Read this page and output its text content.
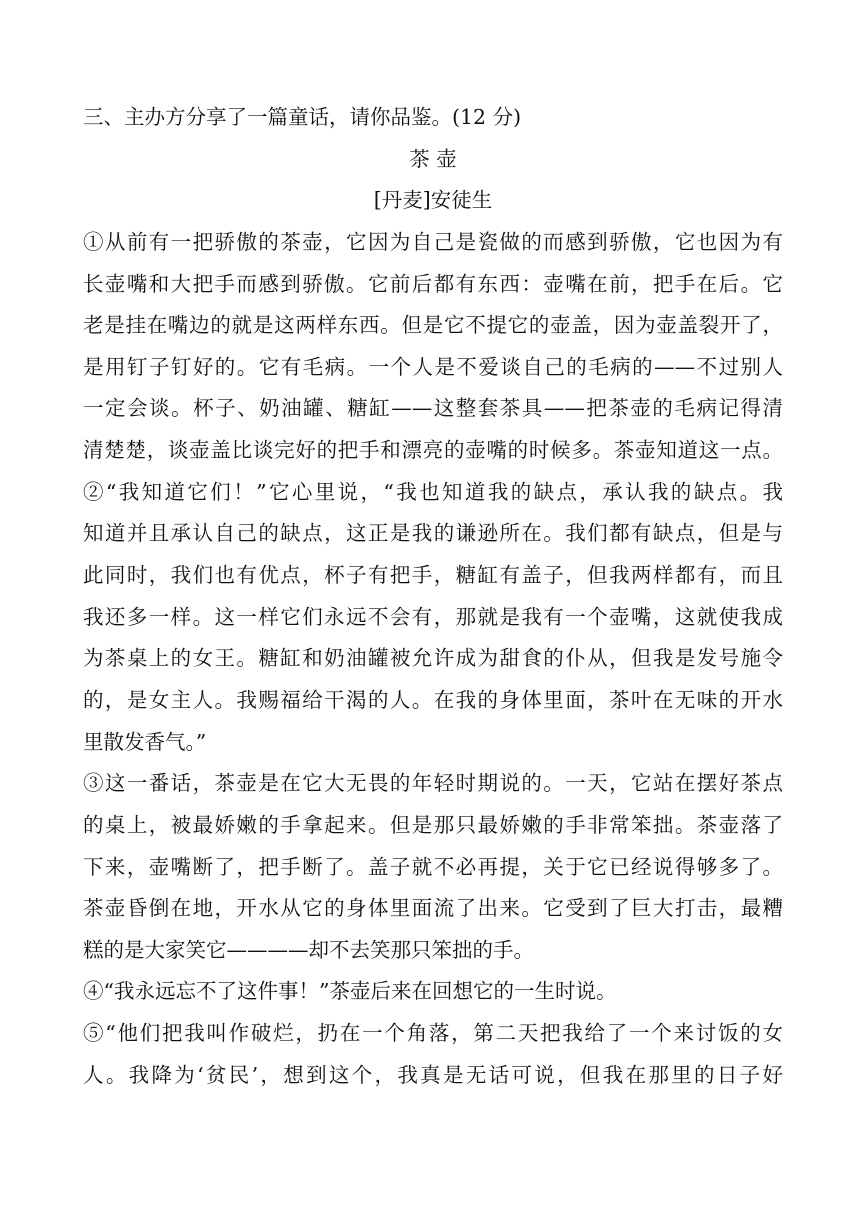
三、主办方分享了一篇童话，请你品鉴。(12 分)
茶 壶
[丹麦]安徒生
①从前有一把骄傲的茶壶，它因为自己是瓷做的而感到骄傲，它也因为有
长壶嘴和大把手而感到骄傲。它前后都有东西：壶嘴在前，把手在后。它
老是挂在嘴边的就是这两样东西。但是它不提它的壶盖，因为壶盖裂开了，
是用钉子钉好的。它有毛病。一个人是不爱谈自己的毛病的——不过别人
一定会谈。杯子、奶油罐、糖缸——这整套茶具——把茶壶的毛病记得清
清楚楚，谈壶盖比谈完好的把手和漂亮的壶嘴的时候多。茶壶知道这一点。
②“我知道它们！”它心里说，“我也知道我的缺点，承认我的缺点。我
知道并且承认自己的缺点，这正是我的谦逊所在。我们都有缺点，但是与
此同时，我们也有优点，杯子有把手，糖缸有盖子，但我两样都有，而且
我还多一样。这一样它们永远不会有，那就是我有一个壶嘴，这就使我成
为茶桌上的女王。糖缸和奶油罐被允许成为甜食的仆从，但我是发号施令
的，是女主人。我赐福给干渴的人。在我的身体里面，茶叶在无味的开水
里散发香气。”
③这一番话，茶壶是在它大无畏的年轻时期说的。一天，它站在摆好茶点
的桌上，被最娇嫩的手拿起来。但是那只最娇嫩的手非常笨拙。茶壶落了
下来，壶嘴断了，把手断了。盖子就不必再提，关于它已经说得够多了。
茶壶昏倒在地，开水从它的身体里面流了出来。它受到了巨大打击，最糟
糕的是大家笑它————却不去笑那只笨拙的手。
④“我永远忘不了这件事！”茶壶后来在回想它的一生时说。
⑤“他们把我叫作破烂，扔在一个角落，第二天把我给了一个来讨饭的女
人。我降为‘贫民’，想到这个，我真是无话可说，但我在那里的日子好
